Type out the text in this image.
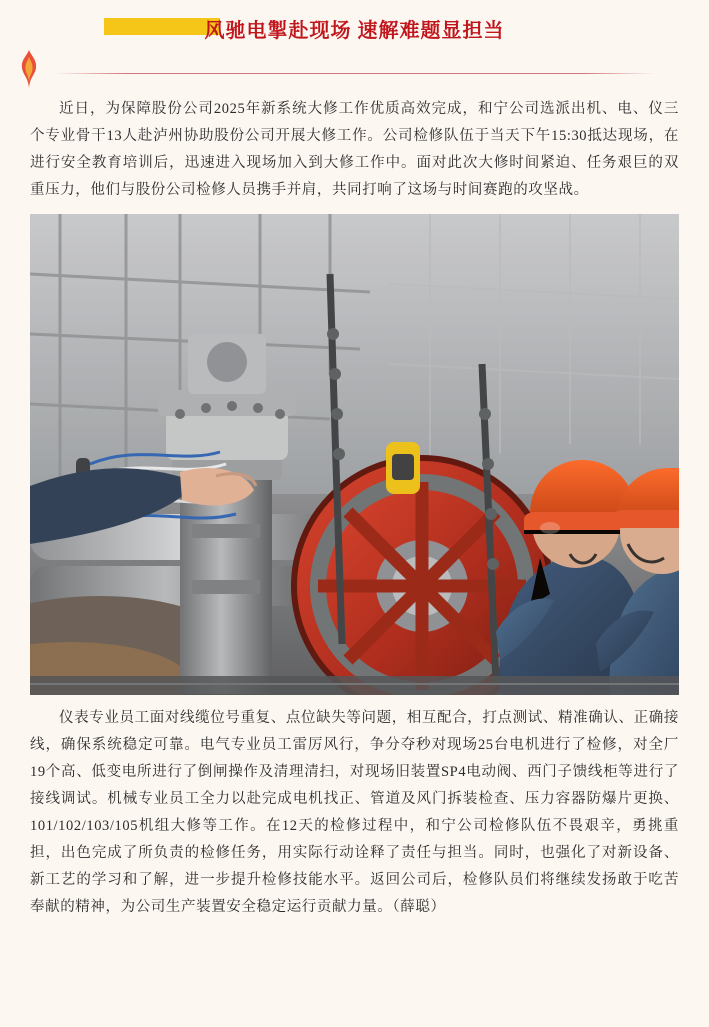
风驰电掣赴现场 速解难题显担当

近日，为保障股份公司2025年新系统大修工作优质高效完成，和宁公司选派出机、电、仪三个专业骨干13人赴泸州协助股份公司开展大修工作。公司检修队伍于当天下午15:30抵达现场，在进行安全教育培训后，迅速进入现场加入到大修工作中。面对此次大修时间紧迫、任务艰巨的双重压力，他们与股份公司检修人员携手并肩，共同打响了这场与时间赛跑的攻坚战。

仪表专业员工面对线缆位号重复、点位缺失等问题，相互配合，打点测试、精准确认、正确接线，确保系统稳定可靠。电气专业员工雷厉风行，争分夺秒对现场25台电机进行了检修，对全厂19个高、低变电所进行了倒闸操作及清理清扫，对现场旧装置SP4电动阀、西门子馈线柜等进行了接线调试。机械专业员工全力以赴完成电机找正、管道及风门拆装检查、压力容器防爆片更换、101/102/103/105机组大修等工作。在12天的检修过程中，和宁公司检修队伍不畏艰辛，勇挑重担，出色完成了所负责的检修任务，用实际行动诠释了责任与担当。同时，也强化了对新设备、新工艺的学习和了解，进一步提升检修技能水平。返回公司后，检修队员们将继续发扬敢于吃苦奉献的精神，为公司生产装置安全稳定运行贡献力量。（薛聪）
